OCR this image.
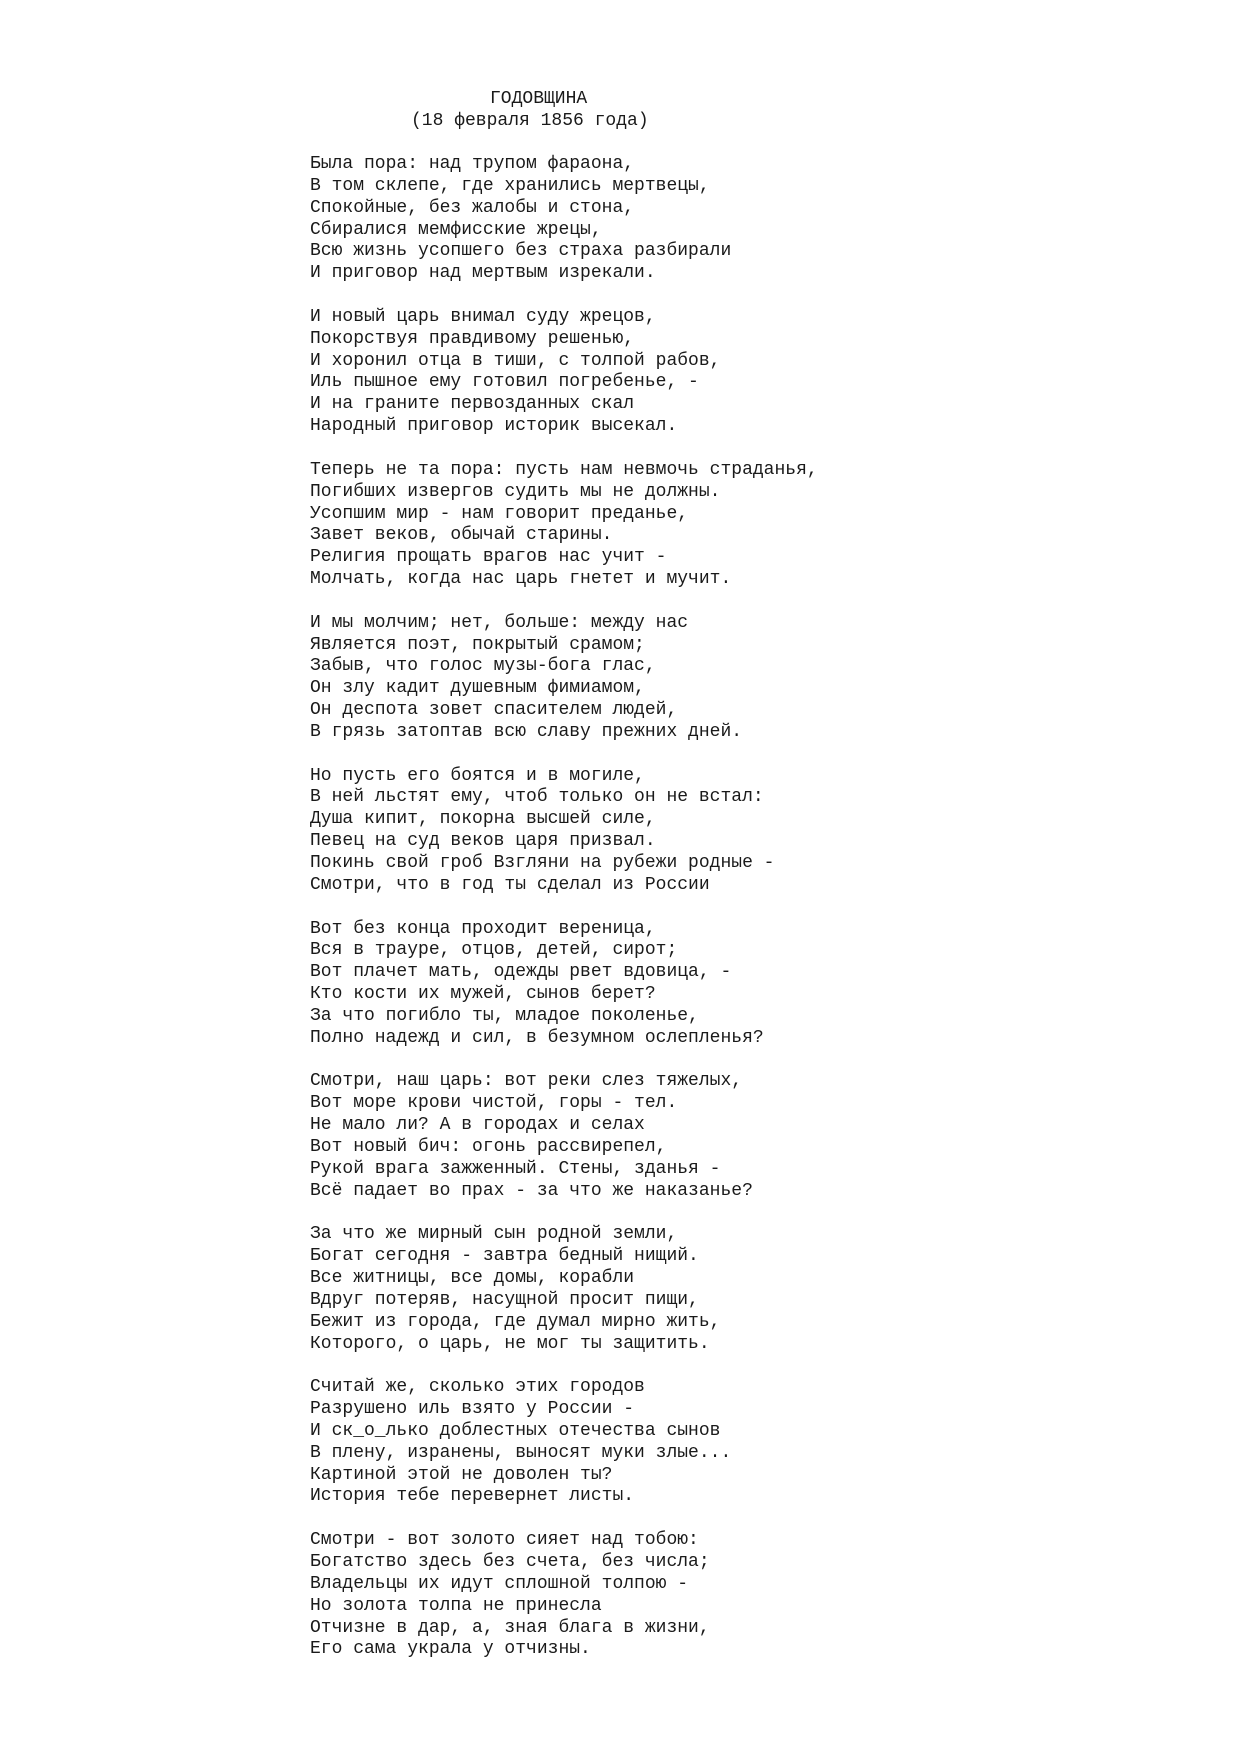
ГОДОВЩИНА
(18 февраля 1856 года)
Была пора: над трупом фараона,
В том склепе, где хранились мертвецы,
Спокойные, без жалобы и стона,
Сбиралися мемфисские жрецы,
Всю жизнь усопшего без страха разбирали
И приговор над мертвым изрекали.
И новый царь внимал суду жрецов,
Покорствуя правдивому решенью,
И хоронил отца в тиши, с толпой рабов,
Иль пышное ему готовил погребенье, -
И на граните первозданных скал
Народный приговор историк высекал.
Теперь не та пора: пусть нам невмочь страданья,
Погибших извергов судить мы не должны.
Усопшим мир - нам говорит преданье,
Завет веков, обычай старины.
Религия прощать врагов нас учит -
Молчать, когда нас царь гнетет и мучит.
И мы молчим; нет, больше: между нас
Является поэт, покрытый срамом;
Забыв, что голос музы-бога глас,
Он злу кадит душевным фимиамом,
Он деспота зовет спасителем людей,
В грязь затоптав всю славу прежних дней.
Но пусть его боятся и в могиле,
В ней льстят ему, чтоб только он не встал:
Душа кипит, покорна высшей силе,
Певец на суд веков царя призвал.
Покинь свой гроб Взгляни на рубежи родные -
Смотри, что в год ты сделал из России
Вот без конца проходит вереница,
Вся в трауре, отцов, детей, сирот;
Вот плачет мать, одежды рвет вдовица, -
Кто кости их мужей, сынов берет?
За что погибло ты, младое поколенье,
Полно надежд и сил, в безумном ослепленья?
Смотри, наш царь: вот реки слез тяжелых,
Вот море крови чистой, горы - тел.
Не мало ли? А в городах и селах
Вот новый бич: огонь рассвирепел,
Рукой врага зажженный. Стены, зданья -
Всё падает во прах - за что же наказанье?
За что же мирный сын родной земли,
Богат сегодня - завтра бедный нищий.
Все житницы, все домы, корабли
Вдруг потеряв, насущной просит пищи,
Бежит из города, где думал мирно жить,
Которого, о царь, не мог ты защитить.
Считай же, сколько этих городов
Разрушено иль взято у России -
И ск_о_лько доблестных отечества сынов
В плену, изранены, выносят муки злые...
Картиной этой не доволен ты?
История тебе перевернет листы.
Смотри - вот золото сияет над тобою:
Богатство здесь без счета, без числа;
Владельцы их идут сплошной толпою -
Но золота толпа не принесла
Отчизне в дар, а, зная блага в жизни,
Его сама украла у отчизны.
